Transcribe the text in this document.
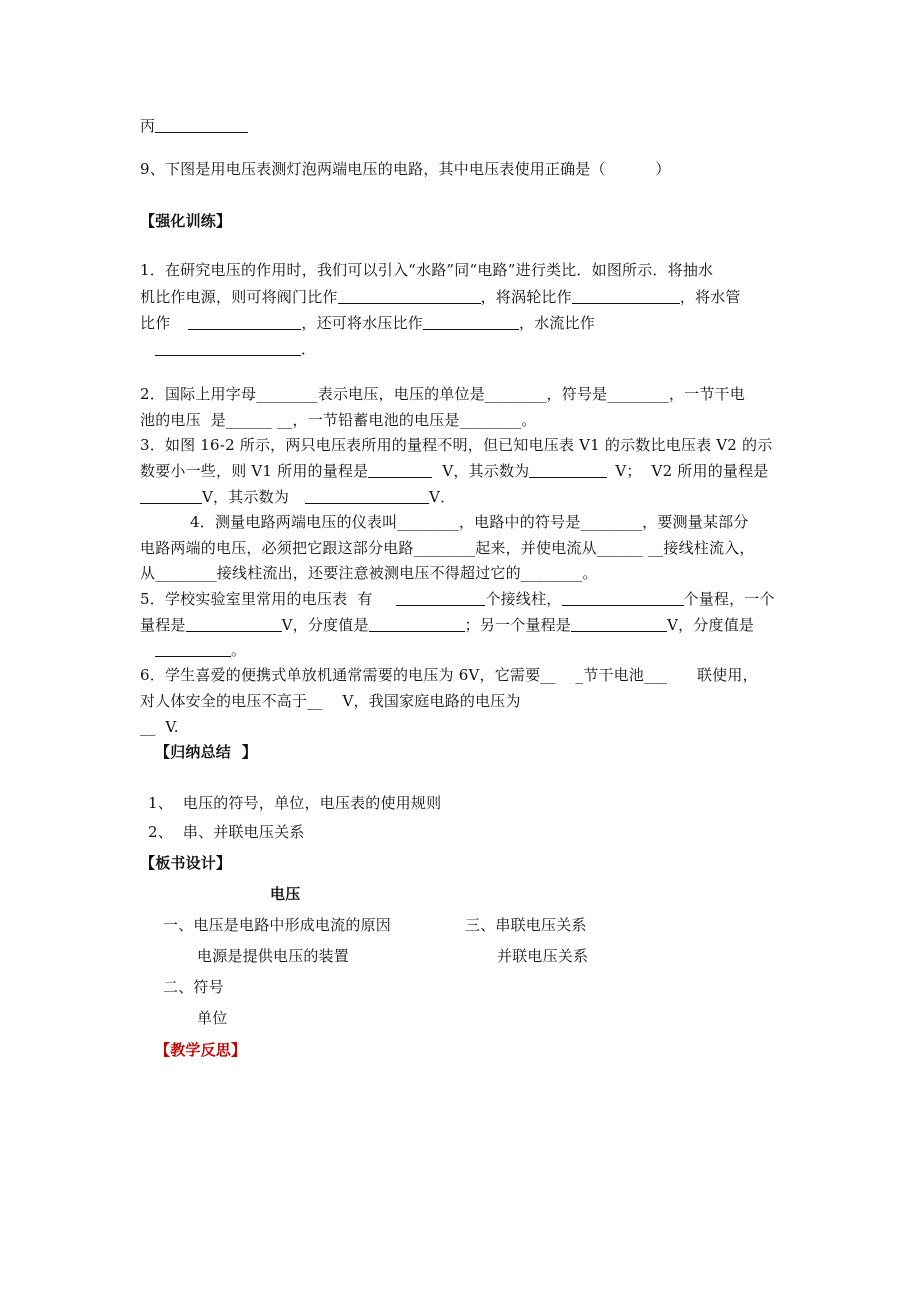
丙
9、下图是用电压表测灯泡两端电压的电路，其中电压表使用正确是（          ）
【强化训练】
1．在研究电压的作用时，我们可以引入“水路”同“电路”进行类比．如图所示．将抽水
机比作电源，则可将阀门比作	，将涡轮比作	，将水管
比作	，还可将水压比作	，水流比作
．
2．国际上用字母________表示电压，电压的单位是________，符号是________，一节干电
池的电压  是______ __，一节铅蓄电池的电压是________。
3．如图 16-2 所示，两只电压表所用的量程不明，但已知电压表 V1 的示数比电压表 V2 的示
数要小一些，则 V1 所用的量程是	V，其示数为	V；  V2 所用的量程是
V，其示数为	V．
4．测量电路两端电压的仪表叫________，电路中的符号是________，要测量某部分
电路两端的电压，必须把它跟这部分电路________起来，并使电流从______ __接线柱流入，
从________接线柱流出，还要注意被测电压不得超过它的________。
5．学校实验室里常用的电压表  有	个接线柱，	个量程，一个
量程是	V，分度值是	；另一个量程是	V，分度值是
。
6．学生喜爱的便携式单放机通常需要的电压为 6V，它需要__    _节干电池___      联使用，
对人体安全的电压不高于__    V，我国家庭电路的电压为
__  V.
【归纳总结  】
1、  电压的符号，单位，电压表的使用规则
2、  串、并联电压关系
【板书设计】
电压
一、电压是电路中形成电流的原因	三、串联电压关系
电源是提供电压的装置	并联电压关系
二、符号
单位
【教学反思】
